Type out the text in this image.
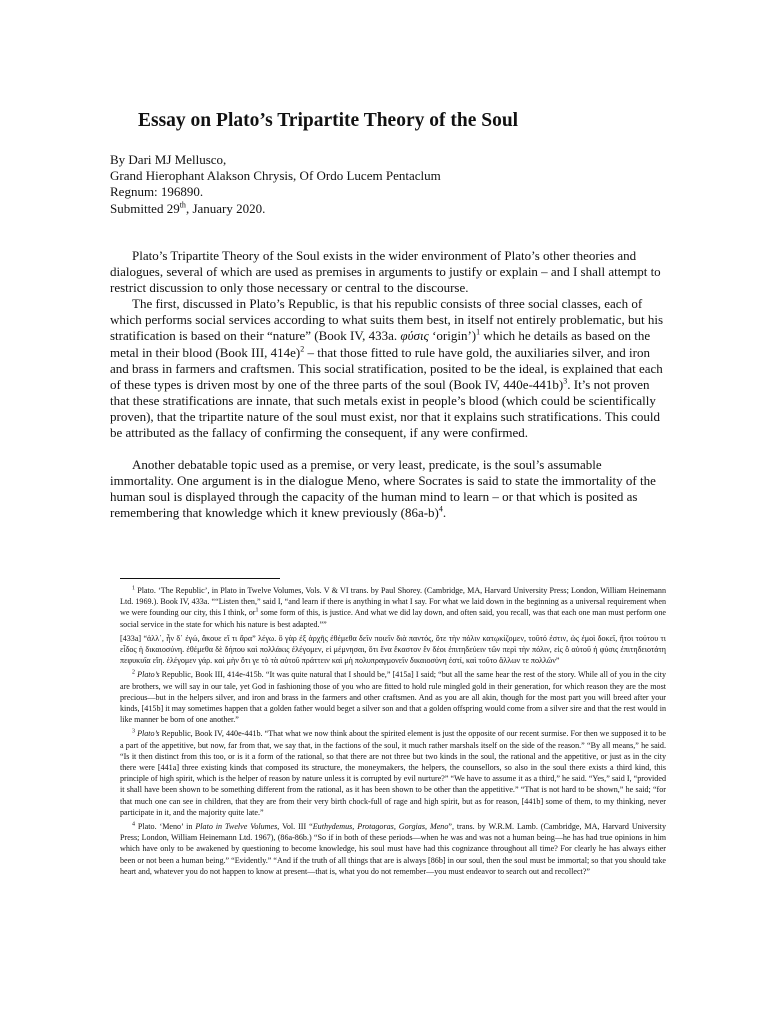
Essay on Plato’s Tripartite Theory of the Soul
By Dari MJ Mellusco,
Grand Hierophant Alakson Chrysis, Of Ordo Lucem Pentaclum
Regnum: 196890.
Submitted 29th, January 2020.

Plato’s Tripartite Theory of the Soul exists in the wider environment of Plato’s other theories and dialogues, several of which are used as premises in arguments to justify or explain – and I shall attempt to restrict discussion to only those necessary or central to the discourse.

The first, discussed in Plato’s Republic, is that his republic consists of three social classes, each of which performs social services according to what suits them best, in itself not entirely problematic, but his stratification is based on their “nature” (Book IV, 433a. φύσις ‘origin’)$^1$ which he details as based on the metal in their blood (Book III, 414e)$^2$ – that those fitted to rule have gold, the auxiliaries silver, and iron and brass in farmers and craftsmen. This social stratification, posited to be the ideal, is explained that each of these types is driven most by one of the three parts of the soul (Book IV, 440e-441b)$^3$. It’s not proven that these stratifications are innate, that such metals exist in people’s blood (which could be scientifically proven), that the tripartite nature of the soul must exist, nor that it explains such stratifications. This could be attributed as the fallacy of confirming the consequent, if any were confirmed.

Another debatable topic used as a premise, or very least, predicate, is the soul’s assumable immortality. One argument is in the dialogue Meno, where Socrates is said to state the immortality of the human soul is displayed through the capacity of the human mind to learn – or that which is posited as remembering that knowledge which it knew previously $(86a-b)^4$.

$^1$ Plato. ‘The Republic’, in Plato in Twelve Volumes, Vols. V & VI trans. by Paul Shorey. (Cambridge, MA, Harvard University Press; London, William Heinemann Ltd. 1969.). Book IV, 433a. ““Listen then,” said I, “and learn if there is anything in what I say. For what we laid down in the beginning as a universal requirement when we were founding our city, this I think, $or^1$ some form of this, is justice. And what we did lay down, and often said, you recall, was that each one man must perform one social service in the state for which his nature is best adapted.””

[433a] “ἀλλ᾽, ἦν δ᾽ ἐγώ, ἄκουε εἴ τι ἄρα” λέγω. ὃ γὰρ ἐξ ἀρχῆς ἐθέμεθα δεῖν ποιεῖν διὰ παντός, ὅτε τὴν πόλιν κατῳκίζομεν, τοῦτό ἐστιν, ὡς ἐμοὶ δοκεῖ, ἤτοι τούτου τι εἶδος ἡ δικαιοσύνη. ἐθέμεθα δὲ δήπου καὶ πολλάκις ἐλέγομεν, εἰ μέμνησαι, ὅτι ἕνα ἕκαστον ἓν δέοι ἐπιτηδεύειν τῶν περὶ τὴν πόλιν, εἰς ὃ αὐτοῦ ἡ φύσις ἐπιτηδειοτάτη πεφυκυῖα εἴη. ἐλέγομεν γάρ. καὶ μὴν ὅτι γε τὸ τὰ αὑτοῦ πράττειν καὶ μὴ πολυπραγμονεῖν δικαιοσύνη ἐστί, καὶ τοῦτο ἄλλων τε πολλῶν”

$^2$ Plato’s Republic, Book III, 414e-415b. “It was quite natural that I should be,” [415a] I said; “but all the same hear the rest of the story. While all of you in the city are brothers, we will say in our tale, yet God in fashioning those of you who are fitted to hold rule mingled gold in their generation, for which reason they are the most precious—but in the helpers silver, and iron and brass in the farmers and other craftsmen. And as you are all akin, though for the most part you will breed after your kinds, [415b] it may sometimes happen that a golden father would beget a silver son and that a golden offspring would come from a silver sire and that the rest would in like manner be born of one another.”

$^3$ Plato’s Republic, Book IV, 440e-441b. “That what we now think about the spirited element is just the opposite of our recent surmise. For then we supposed it to be a part of the appetitive, but now, far from that, we say that, in the factions of the soul, it much rather marshals itself on the side of the reason.” “By all means,” he said. “Is it then distinct from this too, or is it a form of the rational, so that there are not three but two kinds in the soul, the rational and the appetitive, or just as in the city there were [441a] three existing kinds that composed its structure, the moneymakers, the helpers, the counsellors, so also in the soul there exists a third kind, this principle of high spirit, which is the helper of reason by nature unless it is corrupted by evil nurture?” “We have to assume it as a third,” he said. “Yes,” said I, “provided it shall have been shown to be something different from the rational, as it has been shown to be other than the appetitive.” “That is not hard to be shown,” he said; “for that much one can see in children, that they are from their very birth chock-full of rage and high spirit, but as for reason, [441b] some of them, to my thinking, never participate in it, and the majority quite late.”

$^4$ Plato. ‘Meno’ in Plato in Twelve Volumes, Vol. III “Euthydemus, Protagoras, Gorgias, Meno”, trans. by W.R.M. Lamb. (Cambridge, MA, Harvard University Press; London, William Heinemann Ltd. 1967), (86a-86b.) “So if in both of these periods—when he was and was not a human being—he has had true opinions in him which have only to be awakened by questioning to become knowledge, his soul must have had this cognizance throughout all time? For clearly he has always either been or not been a human being.” “Evidently.” “And if the truth of all things that are is always [86b] in our soul, then the soul must be immortal; so that you should take heart and, whatever you do not happen to know at present—that is, what you do not remember—you must endeavor to search out and recollect?”
